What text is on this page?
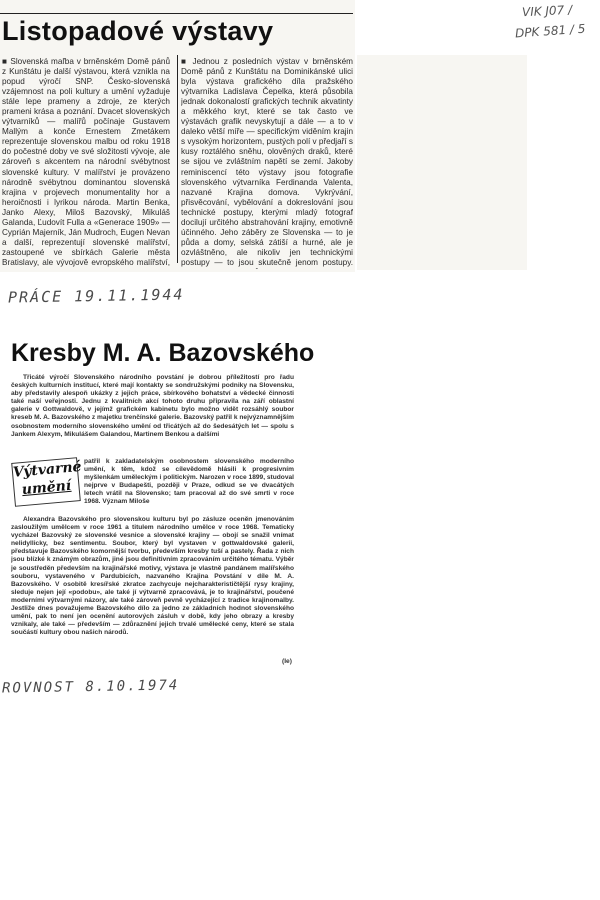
VIK J07 /
DPK 581 / 5
Listopadové výstavy
■ Slovenská maľba v brněnském Domě pánů z Kunštátu je další výstavou, která vznikla na popud výročí SNP. Česko-slovenská vzájemnost na poli kultury a umění vyžaduje stále lepe prameny a zdroje, ze kterých prameni krása a poznání. Dvacet slovenských výtvarníků — malířů počínaje Gustavem Mallým a konče Ernestem Zmetákem reprezentuje slovenskou malbu od roku 1918 do počestné doby ve své složitosti vývoje, ale zároveň s akcentem na národní svébytnost slovenské kultury. V malířství je provázeno národně svébytnou dominantou slovenská krajina v projevech monumentality hor a heroičnosti i lyrikou národa. Martin Benka, Janko Alexy, Miloš Bazovský, Mikuláš Galanda, Ľudovít Fulla a «Generace 1909» — Cyprián Majerník, Ján Mudroch, Eugen Nevan a další, reprezentují slovenské malířství, zastoupené ve sbírkách Galerie města Bratislavy, ale vývojově evropského malířství,
■ Jednou z posledních výstav v brněnském Domě pánů z Kunštátu na Dominikánské ulici byla výstava grafického díla pražského výtvarníka Ladislava Čepelka, která působila jednak dokonalostí grafických technik akvatinty a měkkého kryt, které se tak často ve výstavách grafik nevyskytují a dále — a to v daleko větší míře — specifickým viděním krajin s vysokým horizontem, pustých polí v předjaří s kusy roztálého sněhu, olověných draků, které se sijou ve zvláštním napětí se zemí. Jakoby reminiscencí této výstavy jsou fotografie slovenského výtvarníka Ferdinanda Valenta, nazvané Krajina domova. Vykrývání, přisvěcování, vybělování a dokreslování jsou technické postupy, kterými mladý fotograf docilují určitého abstrahování krajiny, emotivně účinného. Jeho záběry ze Slovenska — to je půda a domy, selská zátiší a hurné, ale je ozvláštněno, ale nikoliv jen technickými postupy — to jsou skutečně jenom postupy.
PRÁCE 19.11.1944
Kresby M. A. Bazovského
Třicáté výročí Slovenského národního povstání je dobrou příležitostí pro řadu českých kulturních institucí, které mají kontakty se sondružskými podniky na Slovensku, aby představily alespoň ukázky z jejich práce, sbírkového bohatství a vědecké činnosti také naší veřejnosti. Jednu z kvalitních akcí tohoto druhu připravila na září oblastní galerie v Gottwaldově, v jejímž grafickém kabinetu bylo možno vidět rozsáhlý soubor kreseb M. A. Bazovského z majetku trenčínské galerie. Bazovský patřil k nejvýznamnějším osobnostem moderního slovenského umění od třicátých až do šedesátých let — spolu s Jankem Alexym, Mikulášem Galandou, Martinem Benkou a dalšími
Výtvarné
umění
patřil k zakladatelským osobnostem slovenského moderního umění, k těm, kdož se cílevědomě hlásili k progresivním myšlenkám uměleckým i politickým. Narozen v roce 1899, studoval nejprve v Budapešti, později v Praze, odkud se ve dvacátých letech vrátil na Slovensko; tam pracoval až do své smrti v roce 1968. Význam Miloše
Alexandra Bazovského pro slovenskou kulturu byl po zásluze oceněn jmenováním zasloužilým umělcem v roce 1961 a titulem národního umělce v roce 1968. Tematicky vycházel Bazovský ze slovenské vesnice a slovenské krajiny — obojí se snažil vnímat nelidyllicky, bez sentimentu. Soubor, který byl vystaven v gottwaldovské galerii, představuje Bazovského komornější tvorbu, především kresby tuší a pastely. Řada z nich jsou blízké k známým obrazům, jiné jsou definitivním zpracováním určitého tématu. Výběr je soustředěn především na krajinářské motivy, výstava je vlastně pandánem malířského souboru, vystaveného v Pardubicích, nazvaného Krajina Povstání v díle M. A. Bazovského. V osobitě kresířské zkratce zachycuje nejcharakterističtější rysy krajiny, sleduje nejen její «podobu», ale také jí výtvarně zpracovává, je to krajinářství, poučené moderními výtvarnými názory, ale také zároveň pevně vycházející z tradice krajinomalby. Jestliže dnes považujeme Bazovského dílo za jedno ze základních hodnot slovenského umění, pak to není jen ocenění autorových zásluh v době, kdy jeho obrazy a kresby vznikaly, ale také — především — zdůraznění jejich trvalé umělecké ceny, které se stala součástí kultury obou našich národů.
(Ie)
ROVNOST 8.10.1974
